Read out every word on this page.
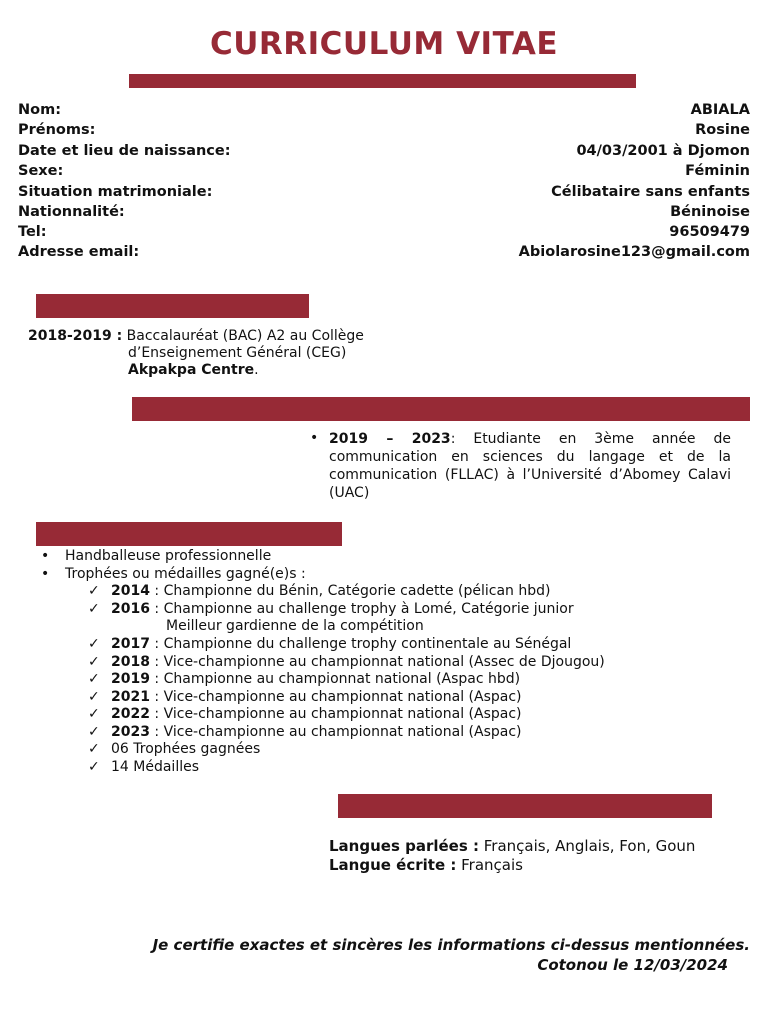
CURRICULUM VITAE
Nom:	ABIALA
Prénoms:	Rosine
Date et lieu de naissance:	04/03/2001 à Djomon
Sexe:	Féminin
Situation matrimoniale:	Célibataire sans enfants
Nationnalité:	Béninoise
Tel:	96509479
Adresse email:	Abiolarosine123@gmail.com
2018-2019 : Baccalauréat (BAC) A2 au Collège
d’Enseignement Général (CEG)
Akpakpa Centre.
• 2019 – 2023: Etudiante en 3ème année de communication en sciences du langage et de la communication (FLLAC) à l’Université d’Abomey Calavi (UAC)
• Handballeuse professionnelle
• Trophées ou médailles gagné(e)s :
✓ 2014 : Championne du Bénin, Catégorie cadette (pélican hbd)
✓ 2016 : Championne au challenge trophy à Lomé, Catégorie junior
Meilleur gardienne de la compétition
✓ 2017 : Championne du challenge trophy continentale au Sénégal
✓ 2018 : Vice-championne au championnat national (Assec de Djougou)
✓ 2019 : Championne au championnat national (Aspac hbd)
✓ 2021 : Vice-championne au championnat national (Aspac)
✓ 2022 : Vice-championne au championnat national (Aspac)
✓ 2023 : Vice-championne au championnat national (Aspac)
✓ 06 Trophées gagnées
✓ 14 Médailles
Langues parlées : Français, Anglais, Fon, Goun
Langue écrite : Français
Je certifie exactes et sincères les informations ci-dessus mentionnées.
Cotonou le 12/03/2024
